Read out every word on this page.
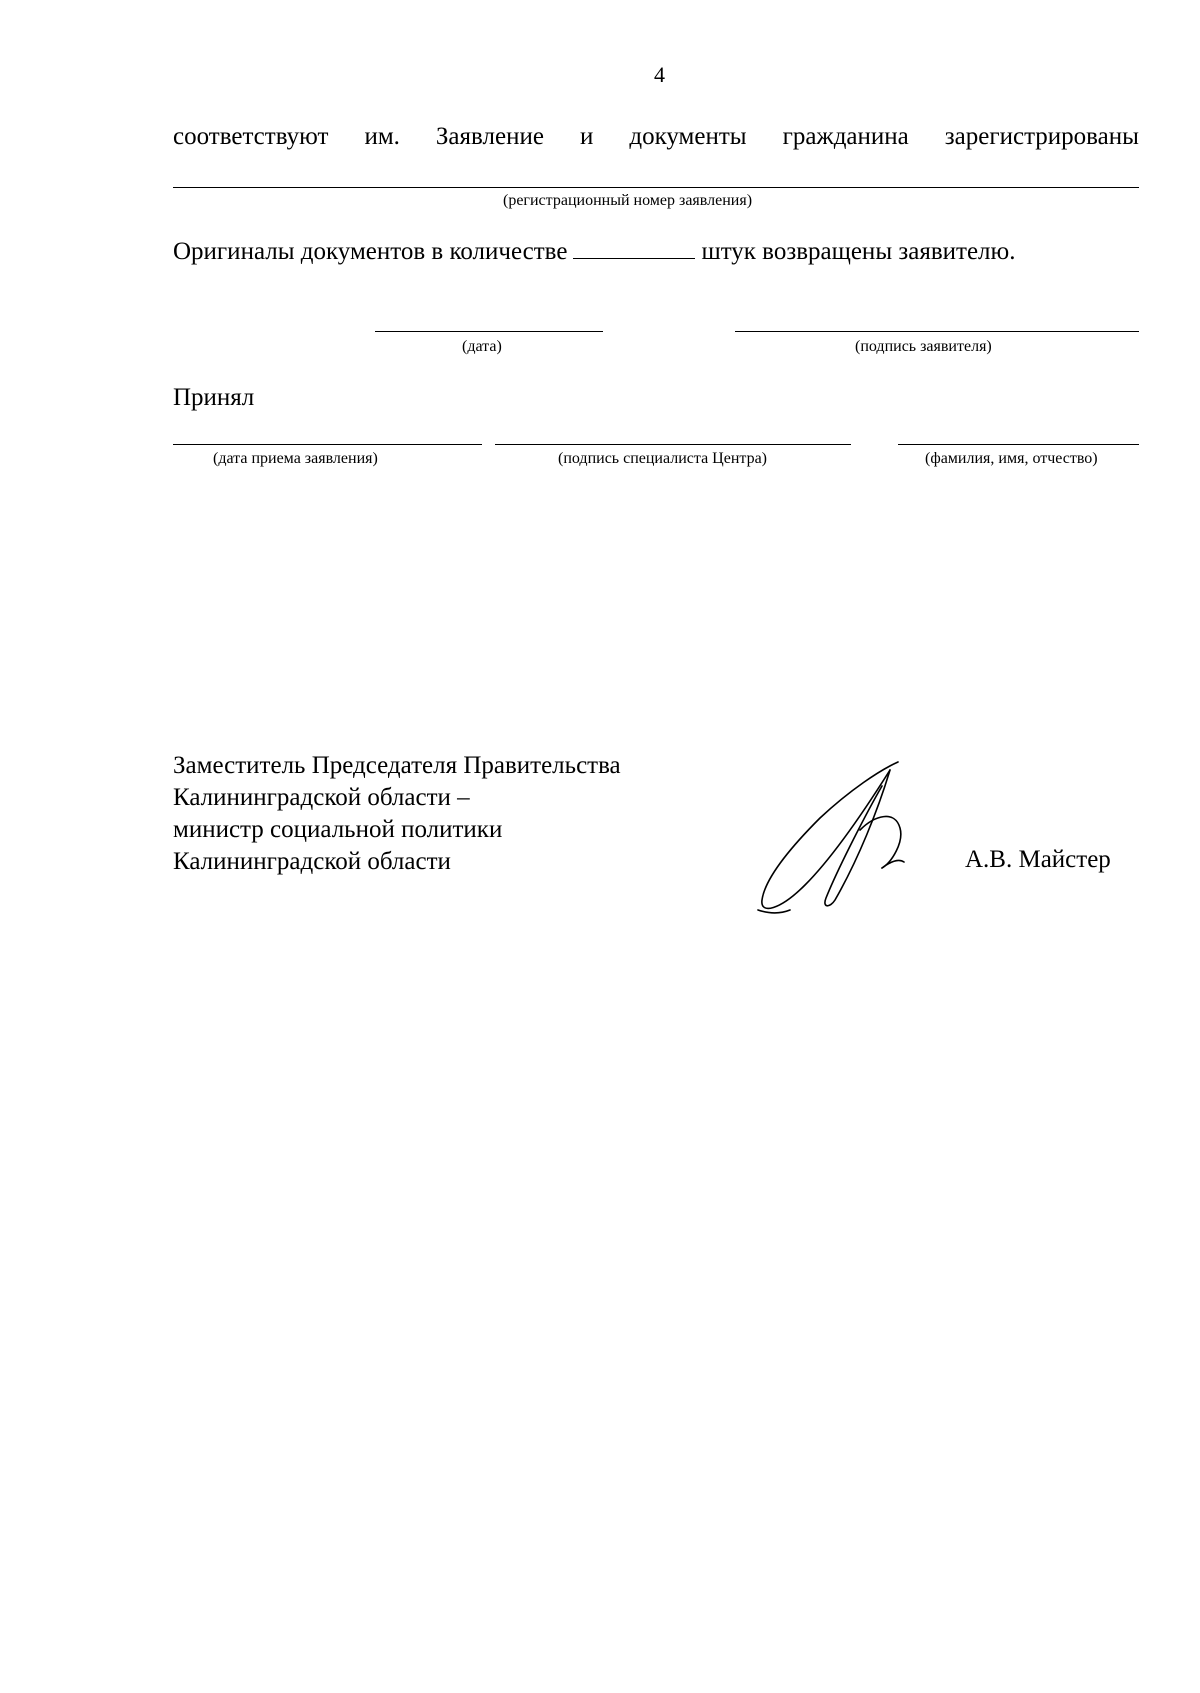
4
соответствуют им. Заявление и документы гражданина зарегистрированы
(регистрационный номер заявления)
Оригиналы документов в количестве	штук возвращены заявителю.
(дата)	(подпись заявителя)
Принял
(дата приема заявления)	(подпись специалиста Центра)	(фамилия, имя, отчество)
Заместитель Председателя Правительства
Калининградской области –
министр социальной политики
Калининградской области	А.В. Майстер
